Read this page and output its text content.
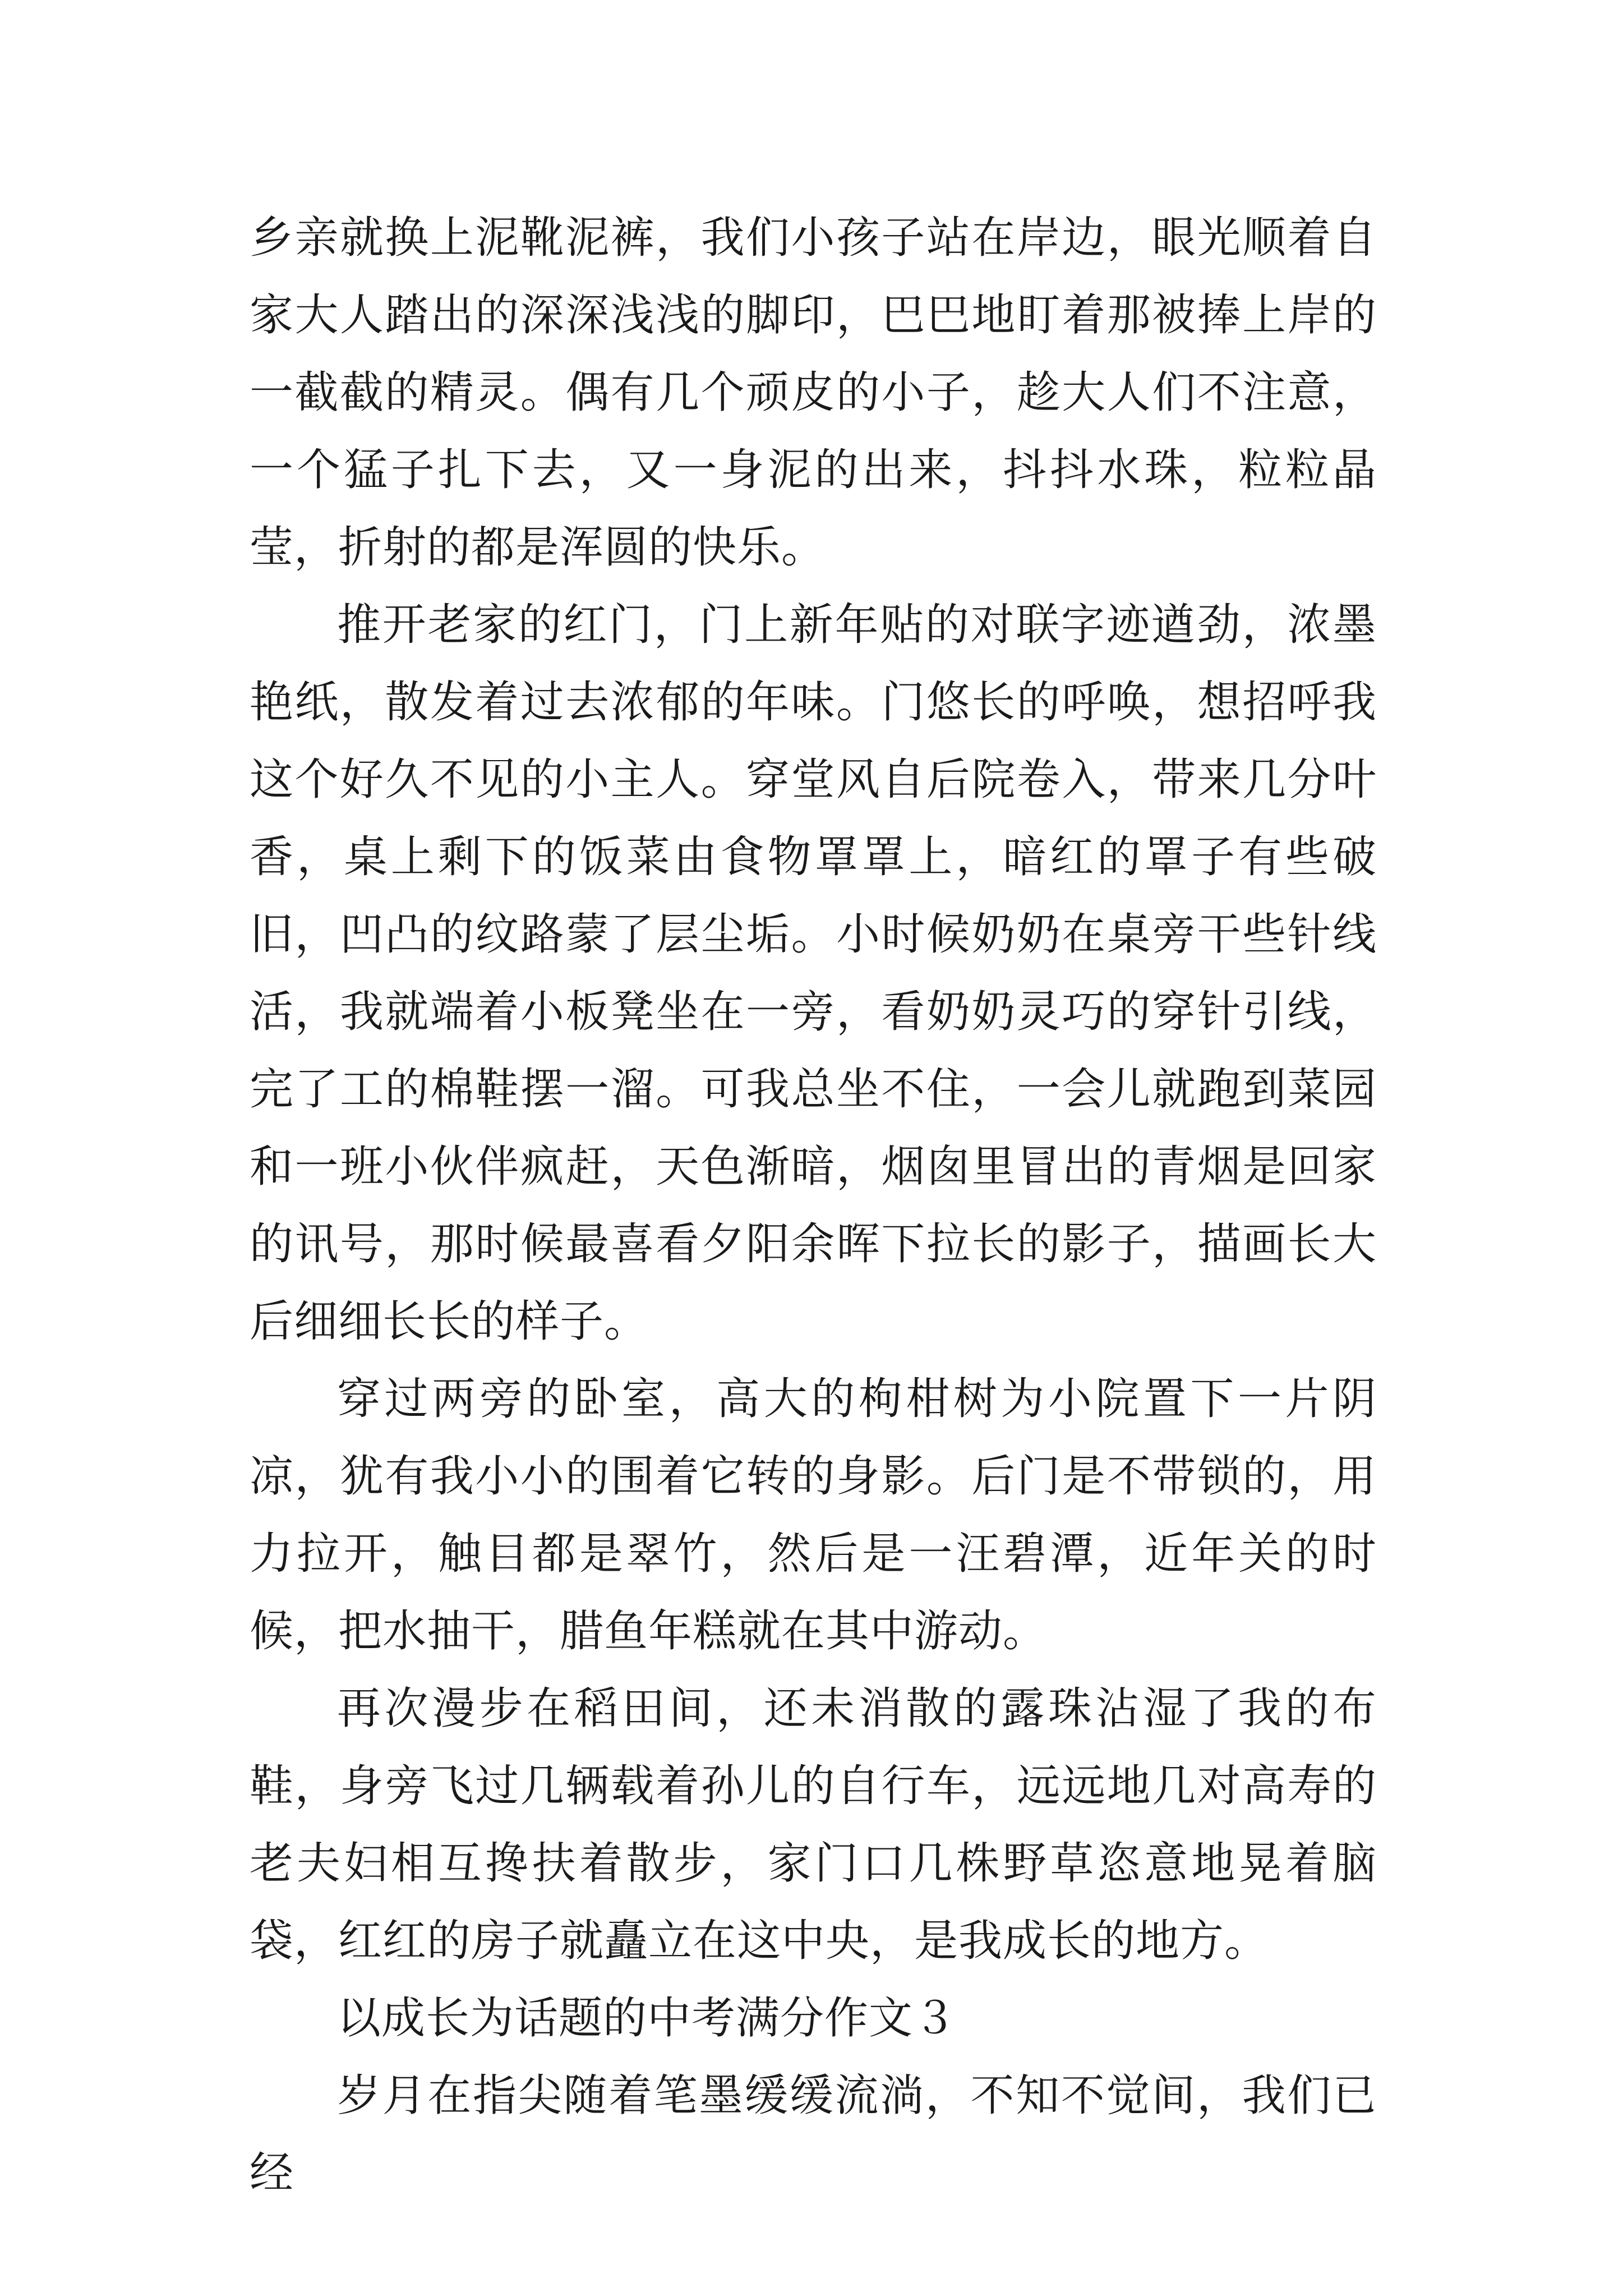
乡亲就换上泥靴泥裤，我们小孩子站在岸边，眼光顺着自家大人踏出的深深浅浅的脚印，巴巴地盯着那被捧上岸的一截截的精灵。偶有几个顽皮的小子，趁大人们不注意，一个猛子扎下去，又一身泥的出来，抖抖水珠，粒粒晶莹，折射的都是浑圆的快乐。

推开老家的红门，门上新年贴的对联字迹遒劲，浓墨艳纸，散发着过去浓郁的年味。门悠长的呼唤，想招呼我这个好久不见的小主人。穿堂风自后院卷入，带来几分叶香，桌上剩下的饭菜由食物罩罩上，暗红的罩子有些破旧，凹凸的纹路蒙了层尘垢。小时候奶奶在桌旁干些针线活，我就端着小板凳坐在一旁，看奶奶灵巧的穿针引线，完了工的棉鞋摆一溜。可我总坐不住，一会儿就跑到菜园和一班小伙伴疯赶，天色渐暗，烟囱里冒出的青烟是回家的讯号，那时候最喜看夕阳余晖下拉长的影子，描画长大后细细长长的样子。

穿过两旁的卧室，高大的枸柑树为小院置下一片阴凉，犹有我小小的围着它转的身影。后门是不带锁的，用力拉开，触目都是翠竹，然后是一汪碧潭，近年关的时候，把水抽干，腊鱼年糕就在其中游动。

再次漫步在稻田间，还未消散的露珠沾湿了我的布鞋，身旁飞过几辆载着孙儿的自行车，远远地几对高寿的老夫妇相互搀扶着散步，家门口几株野草恣意地晃着脑袋，红红的房子就矗立在这中央，是我成长的地方。

以成长为话题的中考满分作文３

岁月在指尖随着笔墨缓缓流淌，不知不觉间，我们已经
